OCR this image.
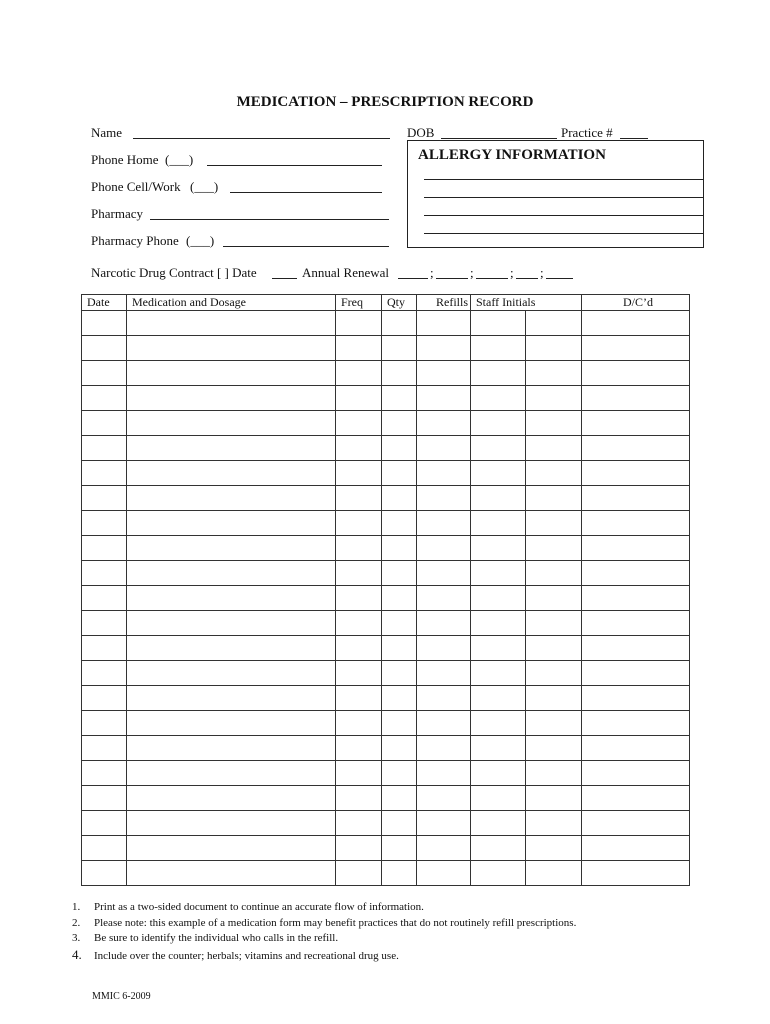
MEDICATION – PRESCRIPTION RECORD
Name	DOB	Practice #
Phone Home (___)
Phone Cell/Work (___)
Pharmacy
Pharmacy Phone (___)
ALLERGY INFORMATION
Narcotic Drug Contract [ ] Date	Annual Renewal	;	;	; ;
Date	Medication and Dosage	Freq	Qty	Refills	Staff Initials		D/C’d

1. Print as a two-sided document to continue an accurate flow of information.
2. Please note: this example of a medication form may benefit practices that do not routinely refill prescriptions.
3. Be sure to identify the individual who calls in the refill.
4. Include over the counter; herbals; vitamins and recreational drug use.
MMIC 6-2009
